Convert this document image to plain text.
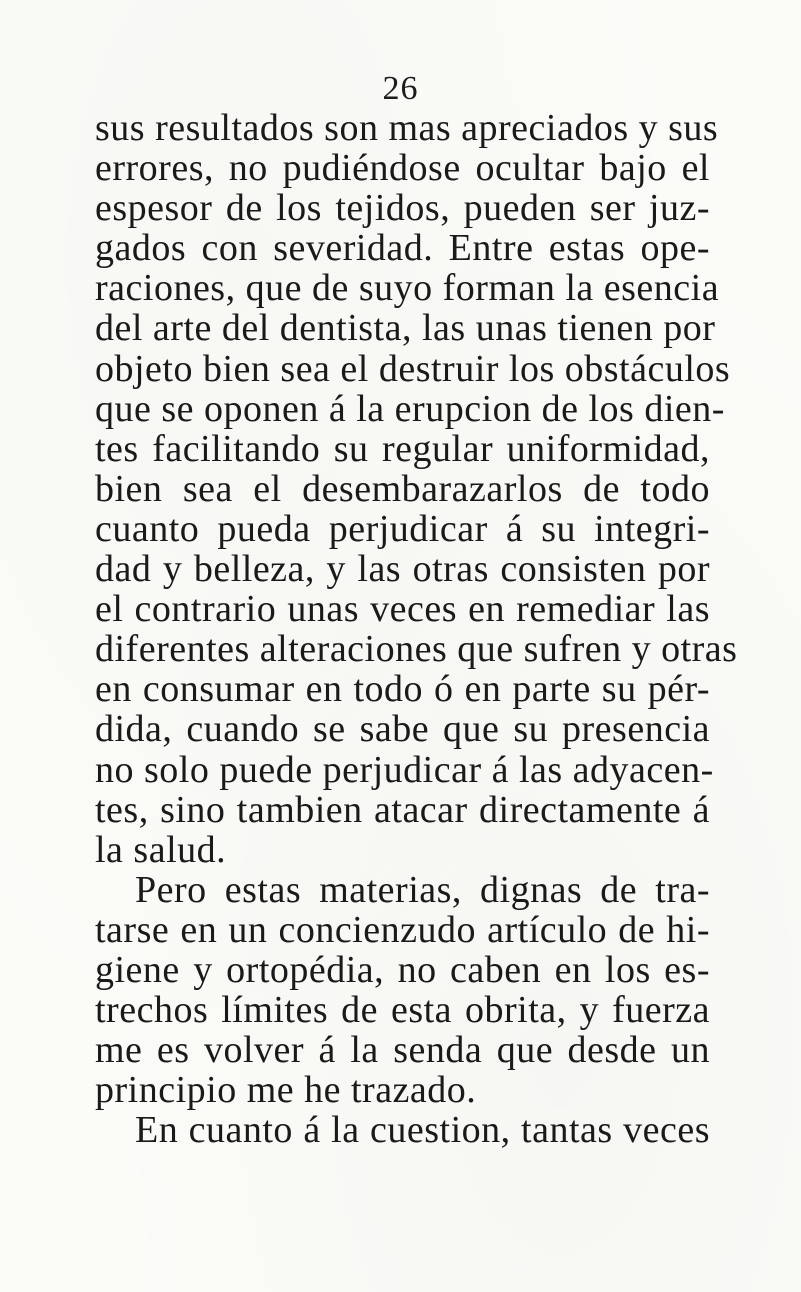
26
sus resultados son mas apreciados y sus
errores, no pudiéndose ocultar bajo el
espesor de los tejidos, pueden ser juz-
gados con severidad. Entre estas ope-
raciones, que de suyo forman la esencia
del arte del dentista, las unas tienen por
objeto bien sea el destruir los obstáculos
que se oponen á la erupcion de los dien-
tes facilitando su regular uniformidad,
bien sea el desembarazarlos de todo
cuanto pueda perjudicar á su integri-
dad y belleza, y las otras consisten por
el contrario unas veces en remediar las
diferentes alteraciones que sufren y otras
en consumar en todo ó en parte su pér-
dida, cuando se sabe que su presencia
no solo puede perjudicar á las adyacen-
tes, sino tambien atacar directamente á
la salud.
Pero estas materias, dignas de tra-
tarse en un concienzudo artículo de hi-
giene y ortopédia, no caben en los es-
trechos límites de esta obrita, y fuerza
me es volver á la senda que desde un
principio me he trazado.
En cuanto á la cuestion, tantas veces
